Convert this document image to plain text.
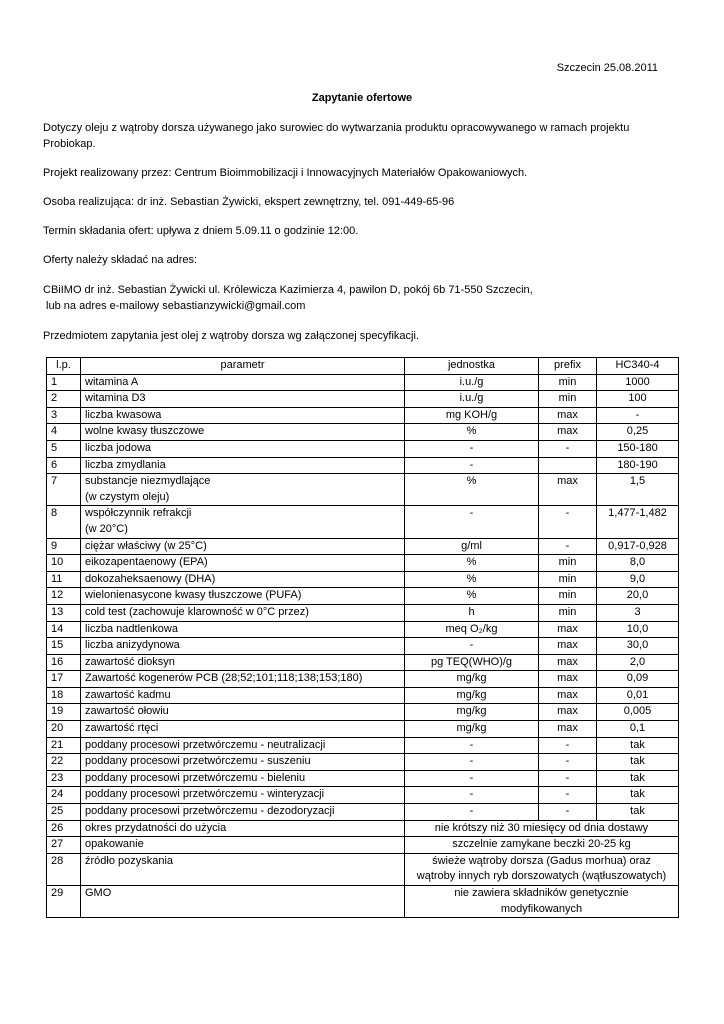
Szczecin 25.08.2011
Zapytanie ofertowe
Dotyczy oleju z wątroby dorsza używanego jako surowiec do wytwarzania produktu opracowywanego w ramach projektu Probiokap.
Projekt realizowany przez: Centrum Bioimmobilizacji i Innowacyjnych Materiałów Opakowaniowych.
Osoba realizująca: dr inż. Sebastian Żywicki, ekspert zewnętrzny, tel. 091-449-65-96
Termin składania ofert: upływa z dniem 5.09.11 o godzinie 12:00.
Oferty należy składać na adres:
CBiIMO dr inż. Sebastian Żywicki ul. Królewicza Kazimierza 4, pawilon D, pokój 6b 71-550 Szczecin,
lub na adres e-mailowy sebastianzywicki@gmail.com
Przedmiotem zapytania jest olej z wątroby dorsza wg załączonej specyfikacji.
l.p.	parametr	jednostka	prefix	HC340-4
1	witamina A	i.u./g	min	1000
2	witamina D3	i.u./g	min	100
3	liczba kwasowa	mg KOH/g	max	-
4	wolne kwasy tłuszczowe	%	max	0,25
5	liczba jodowa	-	-	150-180
6	liczba zmydlania	-		180-190
7	substancje niezmydlające
(w czystym oleju)	%	max	1,5
8	współczynnik refrakcji
(w 20°C)	-	-	1,477-1,482
9	ciężar właściwy (w 25°C)	g/ml	-	0,917-0,928
10	eikozapentaenowy (EPA)	%	min	8,0
11	dokozaheksaenowy (DHA)	%	min	9,0
12	wielonienasycone kwasy tłuszczowe (PUFA)	%	min	20,0
13	cold test (zachowuje klarowność w 0°C przez)	h	min	3
14	liczba nadtlenkowa	meq O₂/kg	max	10,0
15	liczba anizydynowa	-	max	30,0
16	zawartość dioksyn	pg TEQ(WHO)/g	max	2,0
17	Zawartość kogenerów PCB (28;52;101;118;138;153;180)	mg/kg	max	0,09
18	zawartość kadmu	mg/kg	max	0,01
19	zawartość ołowiu	mg/kg	max	0,005
20	zawartość rtęci	mg/kg	max	0,1
21	poddany procesowi przetwórczemu - neutralizacji	-	-	tak
22	poddany procesowi przetwórczemu - suszeniu	-	-	tak
23	poddany procesowi przetwórczemu - bieleniu	-	-	tak
24	poddany procesowi przetwórczemu - winteryzacji	-	-	tak
25	poddany procesowi przetwórczemu - dezodoryzacji	-	-	tak
26	okres przydatności do użycia	nie krótszy niż 30 miesięcy od dnia dostawy		
27	opakowanie	szczelnie zamykane beczki 20-25 kg		
28	źródło pozyskania	świeże wątroby dorsza (Gadus morhua) oraz
wątroby innych ryb dorszowatych (wątłuszowatych)		
29	GMO	nie zawiera składników genetycznie
modyfikowanych		
